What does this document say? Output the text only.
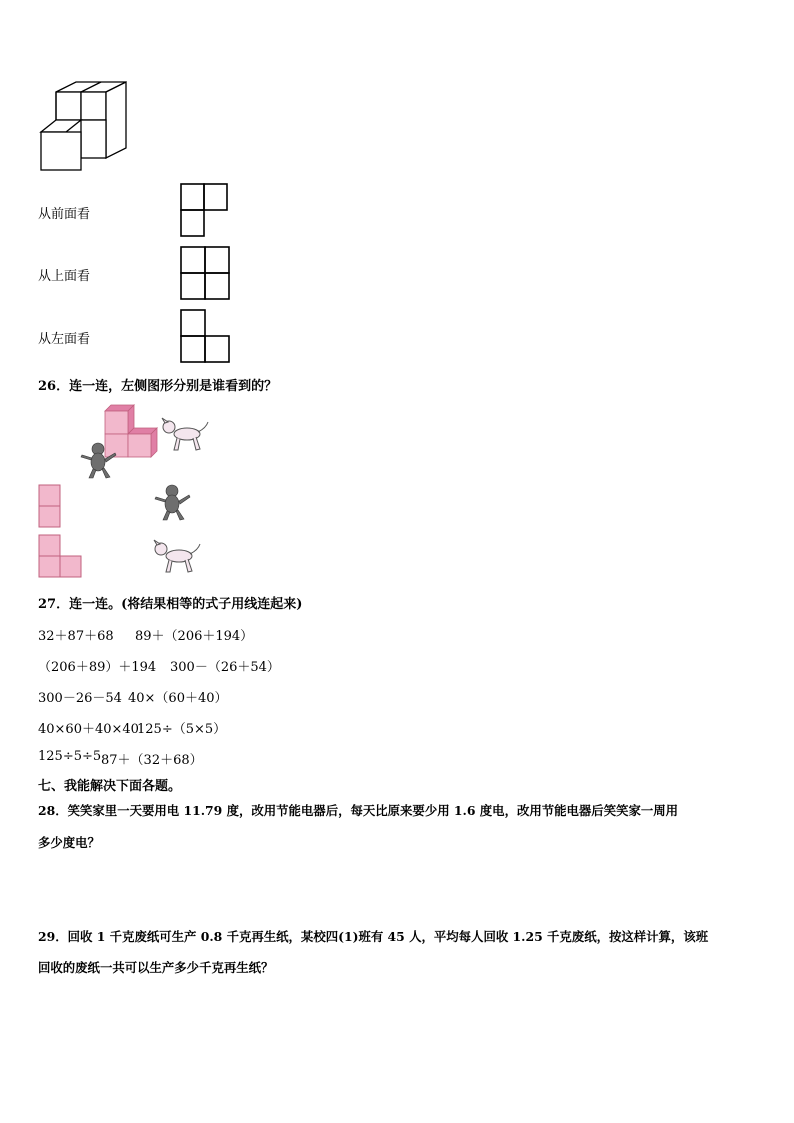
从前面看
从上面看
从左面看
26．连一连，左侧图形分别是谁看到的？
27．连一连。(将结果相等的式子用线连起来)
32＋87＋68 89＋（206＋194）
（206＋89）＋194 300－（26＋54）
300－26－54 40×（60＋40）
40×60＋40×40
125÷（5×5）
125÷5÷5 87＋（32＋68）
七、我能解决下面各题。
28．笑笑家里一天要用电 11.79 度，改用节能电器后，每天比原来要少用 1.6 度电，改用节能电器后笑笑家一周用
多少度电？
29．回收 1 千克废纸可生产 0.8 千克再生纸，某校四(1)班有 45 人，平均每人回收 1.25 千克废纸，按这样计算，该班
回收的废纸一共可以生产多少千克再生纸？
